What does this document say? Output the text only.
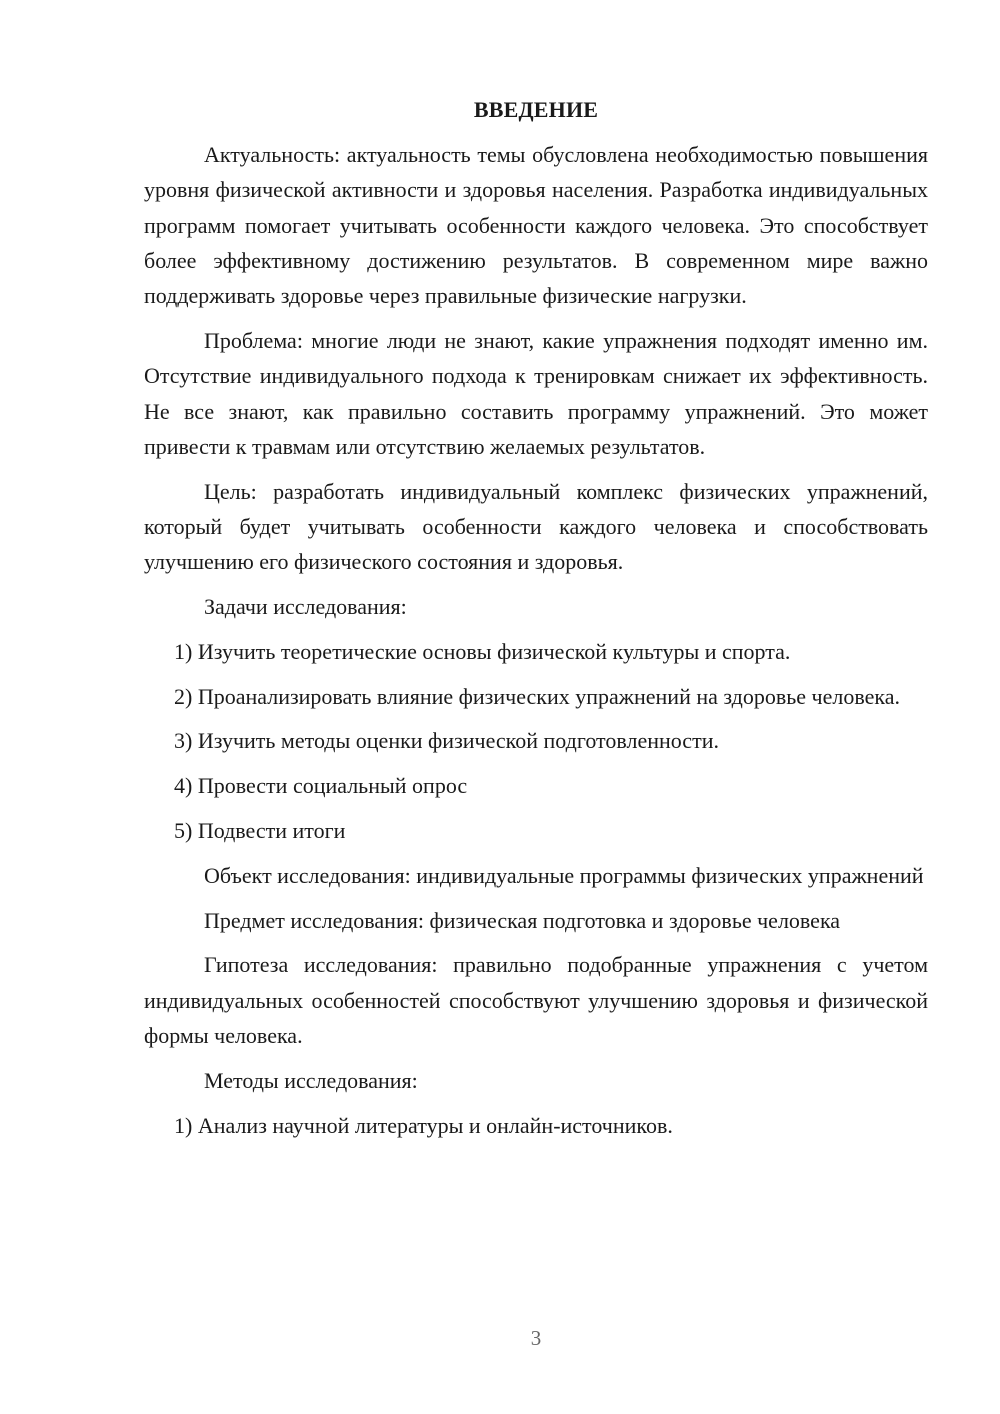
ВВЕДЕНИЕ
Актуальность: актуальность темы обусловлена необходимостью повышения уровня физической активности и здоровья населения. Разработка индивидуальных программ помогает учитывать особенности каждого человека. Это способствует более эффективному достижению результатов. В современном мире важно поддерживать здоровье через правильные физические нагрузки.
Проблема: многие люди не знают, какие упражнения подходят именно им. Отсутствие индивидуального подхода к тренировкам снижает их эффективность. Не все знают, как правильно составить программу упражнений. Это может привести к травмам или отсутствию желаемых результатов.
Цель: разработать индивидуальный комплекс физических упражнений, который будет учитывать особенности каждого человека и способствовать улучшению его физического состояния и здоровья.
Задачи исследования:
1) Изучить теоретические основы физической культуры и спорта.
2) Проанализировать влияние физических упражнений на здоровье человека.
3) Изучить методы оценки физической подготовленности.
4) Провести социальный опрос
5) Подвести итоги
Объект исследования: индивидуальные программы физических упражнений
Предмет исследования: физическая подготовка и здоровье человека
Гипотеза исследования: правильно подобранные упражнения с учетом индивидуальных особенностей способствуют улучшению здоровья и физической формы человека.
Методы исследования:
1) Анализ научной литературы и онлайн-источников.
3
